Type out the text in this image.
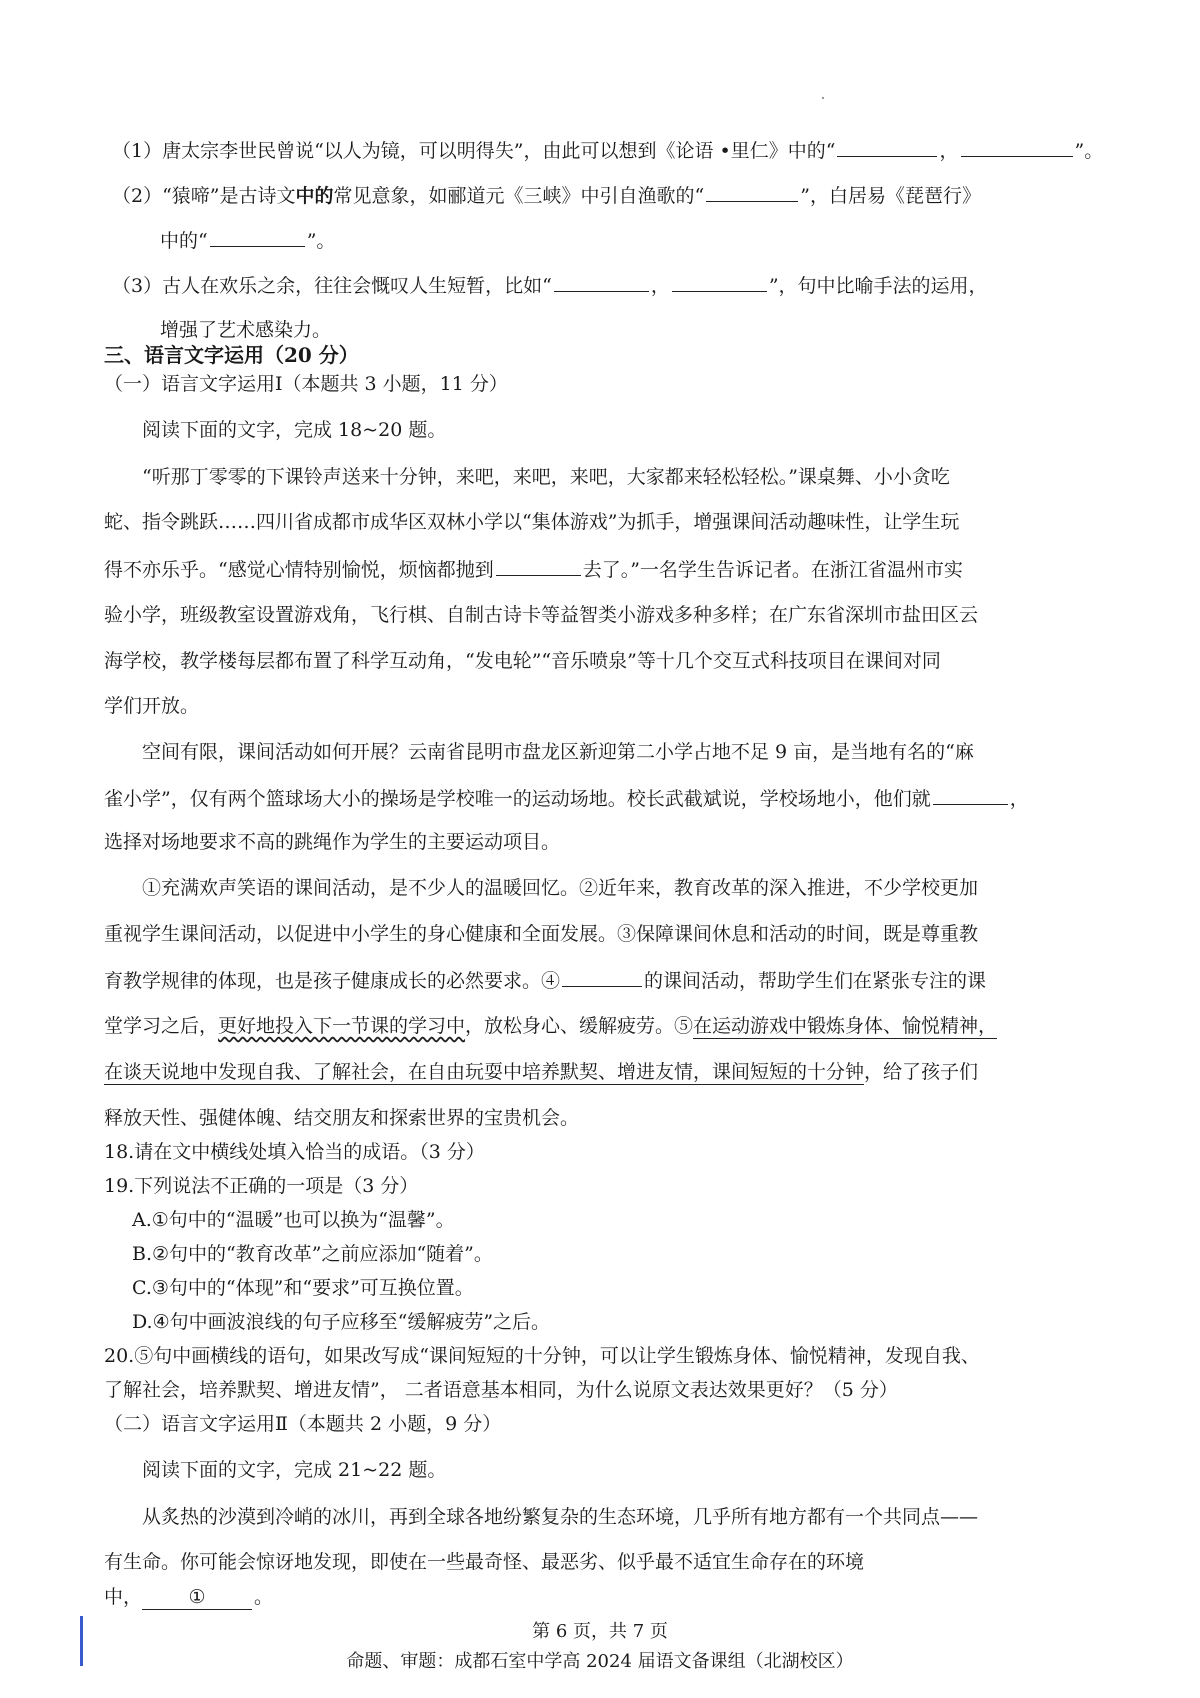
（1）唐太宗李世民曾说“以人为镜，可以明得失”，由此可以想到《论语 •里仁》中的“	，	”。
（2）“猿啼”是古诗文中的常见意象，如郦道元《三峡》中引自渔歌的“	”，白居易《琵琶行》
中的“	”。
（3）古人在欢乐之余，往往会慨叹人生短暂，比如“	，	”，句中比喻手法的运用，
增强了艺术感染力。
三、语言文字运用（20 分）
（一）语言文字运用Ⅰ（本题共 3 小题，11 分）
阅读下面的文字，完成 18~20 题。
“听那丁零零的下课铃声送来十分钟，来吧，来吧，来吧，大家都来轻松轻松。”课桌舞、小小贪吃
蛇、指令跳跃……四川省成都市成华区双林小学以“集体游戏”为抓手，增强课间活动趣味性，让学生玩
得不亦乐乎。“感觉心情特别愉悦，烦恼都抛到	去了。”一名学生告诉记者。在浙江省温州市实
验小学，班级教室设置游戏角，飞行棋、自制古诗卡等益智类小游戏多种多样；在广东省深圳市盐田区云
海学校，教学楼每层都布置了科学互动角，“发电轮”“音乐喷泉”等十几个交互式科技项目在课间对同
学们开放。
空间有限，课间活动如何开展？云南省昆明市盘龙区新迎第二小学占地不足 9 亩，是当地有名的“麻
雀小学”，仅有两个篮球场大小的操场是学校唯一的运动场地。校长武截斌说，学校场地小，他们就	，
选择对场地要求不高的跳绳作为学生的主要运动项目。
①充满欢声笑语的课间活动，是不少人的温暖回忆。②近年来，教育改革的深入推进，不少学校更加
重视学生课间活动，以促进中小学生的身心健康和全面发展。③保障课间休息和活动的时间，既是尊重教
育教学规律的体现，也是孩子健康成长的必然要求。④	的课间活动，帮助学生们在紧张专注的课
堂学习之后，更好地投入下一节课的学习中，放松身心、缓解疲劳。⑤在运动游戏中锻炼身体、愉悦精神，
在谈天说地中发现自我、了解社会，在自由玩耍中培养默契、增进友情，课间短短的十分钟，给了孩子们
释放天性、强健体魄、结交朋友和探索世界的宝贵机会。
18.请在文中横线处填入恰当的成语。（3 分）
19.下列说法不正确的一项是（3 分）
A.①句中的“温暖”也可以换为“温馨”。
B.②句中的“教育改革”之前应添加“随着”。
C.③句中的“体现”和“要求”可互换位置。
D.④句中画波浪线的句子应移至“缓解疲劳”之后。
20.⑤句中画横线的语句，如果改写成“课间短短的十分钟，可以让学生锻炼身体、愉悦精神，发现自我、
了解社会，培养默契、增进友情”， 二者语意基本相同，为什么说原文表达效果更好？（5 分）
（二）语言文字运用Ⅱ（本题共 2 小题，9 分）
阅读下面的文字，完成 21~22 题。
从炙热的沙漠到冷峭的冰川，再到全球各地纷繁复杂的生态环境，几乎所有地方都有一个共同点——
有生命。你可能会惊讶地发现，即使在一些最奇怪、最恶劣、似乎最不适宜生命存在的环境
中， ①	。
第 6 页，共 7 页
命题、审题：成都石室中学高 2024 届语文备课组（北湖校区）
